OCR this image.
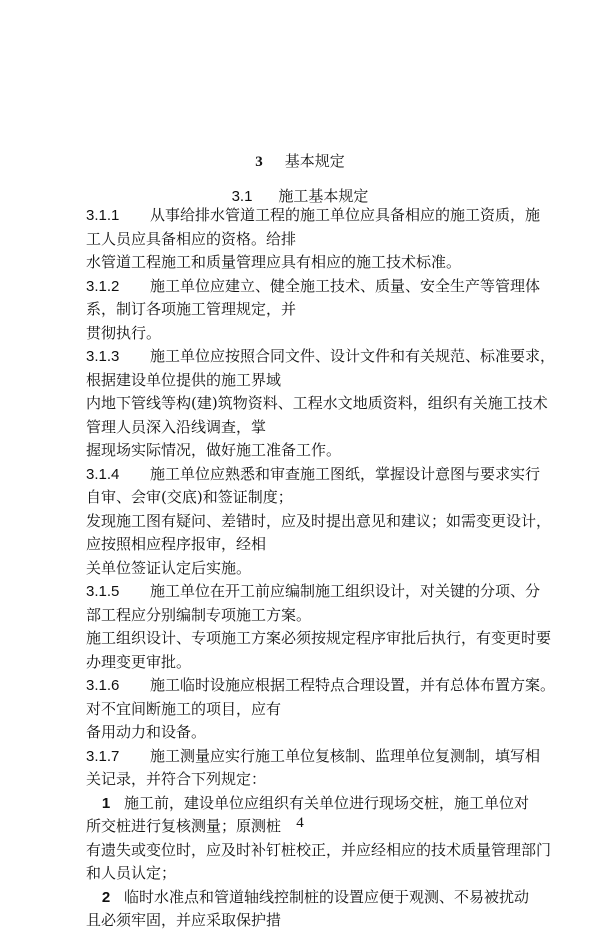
3 基本规定
3.1 施工基本规定
3.1.1 从事给排水管道工程的施工单位应具备相应的施工资质，施
工人员应具备相应的资格。给排
水管道工程施工和质量管理应具有相应的施工技术标准。
3.1.2 施工单位应建立、健全施工技术、质量、安全生产等管理体
系，制订各项施工管理规定，并
贯彻执行。
3.1.3 施工单位应按照合同文件、设计文件和有关规范、标准要求，
根据建设单位提供的施工界域
内地下管线等构(建)筑物资料、工程水文地质资料，组织有关施工技术
管理人员深入沿线调查，掌
握现场实际情况，做好施工准备工作。
3.1.4 施工单位应熟悉和审查施工图纸，掌握设计意图与要求实行
自审、会审(交底)和签证制度；
发现施工图有疑问、差错时，应及时提出意见和建议；如需变更设计，
应按照相应程序报审，经相
关单位签证认定后实施。
3.1.5 施工单位在开工前应编制施工组织设计，对关键的分项、分
部工程应分别编制专项施工方案。
施工组织设计、专项施工方案必须按规定程序审批后执行，有变更时要
办理变更审批。
3.1.6 施工临时设施应根据工程特点合理设置，并有总体布置方案。
对不宜间断施工的项目，应有
备用动力和设备。
3.1.7 施工测量应实行施工单位复核制、监理单位复测制，填写相
关记录，并符合下列规定：
1 施工前，建设单位应组织有关单位进行现场交桩，施工单位对
所交桩进行复核测量；原测桩
有遗失或变位时，应及时补钉桩校正，并应经相应的技术质量管理部门
和人员认定；
2 临时水准点和管道轴线控制桩的设置应便于观测、不易被扰动
且必须牢固，并应采取保护措
4
